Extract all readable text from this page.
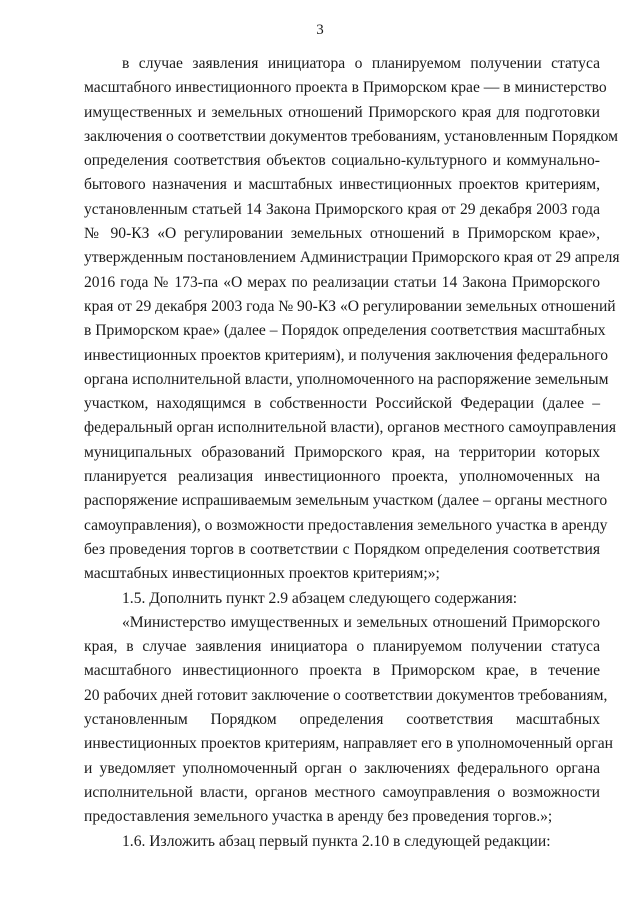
3
в случае заявления инициатора о планируемом получении статуса
масштабного инвестиционного проекта в Приморском крае — в министерство
имущественных и земельных отношений Приморского края для подготовки
заключения о соответствии документов требованиям, установленным Порядком
определения соответствия объектов социально-культурного и коммунально-
бытового назначения и масштабных инвестиционных проектов критериям,
установленным статьей 14 Закона Приморского края от 29 декабря 2003 года
№ 90-КЗ «О регулировании земельных отношений в Приморском крае»,
утвержденным постановлением Администрации Приморского края от 29 апреля
2016 года № 173-па «О мерах по реализации статьи 14 Закона Приморского
края от 29 декабря 2003 года № 90-КЗ «О регулировании земельных отношений
в Приморском крае» (далее – Порядок определения соответствия масштабных
инвестиционных проектов критериям), и получения заключения федерального
органа исполнительной власти, уполномоченного на распоряжение земельным
участком, находящимся в собственности Российской Федерации (далее –
федеральный орган исполнительной власти), органов местного самоуправления
муниципальных образований Приморского края, на территории которых
планируется реализация инвестиционного проекта, уполномоченных на
распоряжение испрашиваемым земельным участком (далее – органы местного
самоуправления), о возможности предоставления земельного участка в аренду
без проведения торгов в соответствии с Порядком определения соответствия
масштабных инвестиционных проектов критериям;»;
1.5. Дополнить пункт 2.9 абзацем следующего содержания:
«Министерство имущественных и земельных отношений Приморского
края, в случае заявления инициатора о планируемом получении статуса
масштабного инвестиционного проекта в Приморском крае, в течение
20 рабочих дней готовит заключение о соответствии документов требованиям,
установленным Порядком определения соответствия масштабных
инвестиционных проектов критериям, направляет его в уполномоченный орган
и уведомляет уполномоченный орган о заключениях федерального органа
исполнительной власти, органов местного самоуправления о возможности
предоставления земельного участка в аренду без проведения торгов.»;
1.6. Изложить абзац первый пункта 2.10 в следующей редакции:
